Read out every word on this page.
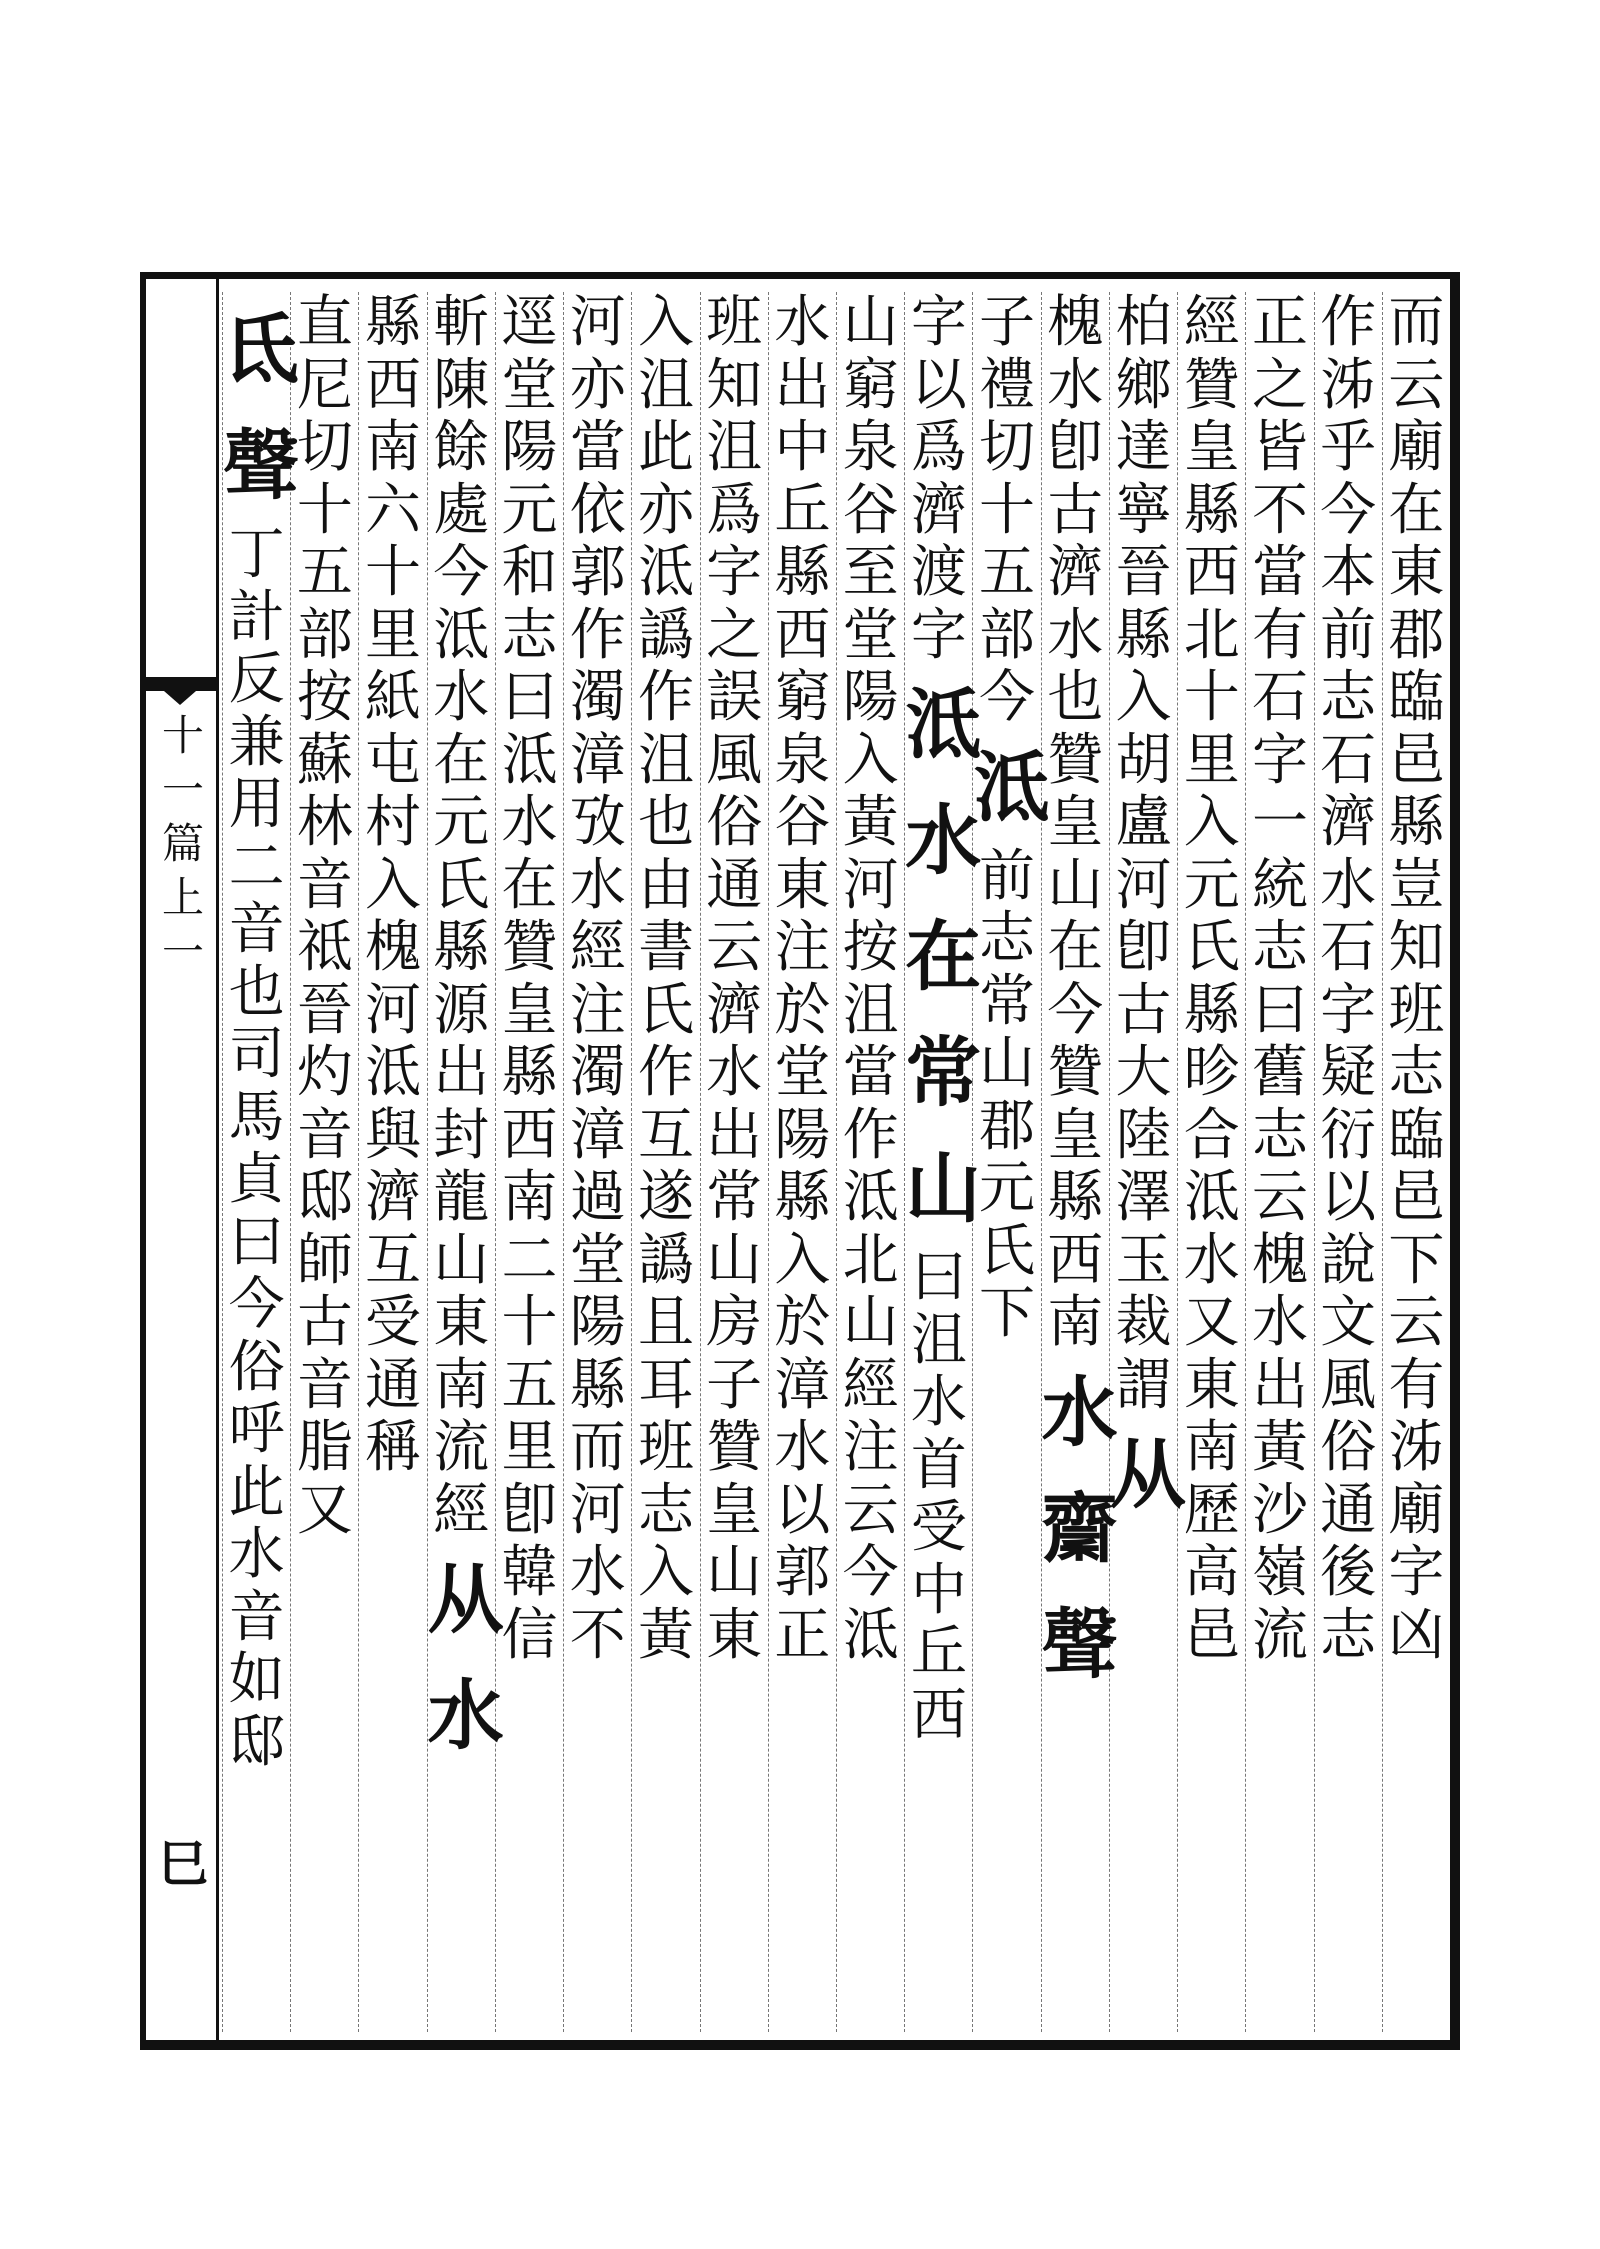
十
一
篇
上
一
巳
而
云
廟
在
東
郡
臨
邑
縣
豈
知
班
志
臨
邑
下
云
有
泲
廟
字
凶
作
泲
乎
今
本
前
志
石
濟
水
石
字
疑
衍
以
說
文
風
俗
通
後
志
正
之
皆
不
當
有
石
字
一
統
志
曰
舊
志
云
槐
水
出
黃
沙
嶺
流
經
贊
皇
縣
西
北
十
里
入
元
氏
縣
昣
合
泜
水
又
東
南
歷
高
邑
柏
鄉
達
寧
晉
縣
入
胡
盧
河
卽
古
大
陸
澤
玉
裁
謂
从
槐
水
卽
古
濟
水
也
贊
皇
山
在
今
贊
皇
縣
西
南
水
𪗉
聲
子
禮
切
十
五
部
今
泜
前
志
常
山
郡
元
氏
下
字
以
爲
濟
渡
字
泜
水
在
常
山
曰
沮
水
首
受
中
丘
西
山
窮
泉
谷
至
堂
陽
入
黃
河
按
沮
當
作
泜
北
山
經
注
云
今
泜
水
出
中
丘
縣
西
窮
泉
谷
東
注
於
堂
陽
縣
入
於
漳
水
以
郭
正
班
知
沮
爲
字
之
誤
風
俗
通
云
濟
水
出
常
山
房
子
贊
皇
山
東
入
沮
此
亦
泜
譌
作
沮
也
由
書
氏
作
互
遂
譌
且
耳
班
志
入
黃
河
亦
當
依
郭
作
濁
漳
攷
水
經
注
濁
漳
過
堂
陽
縣
而
河
水
不
逕
堂
陽
元
和
志
曰
泜
水
在
贊
皇
縣
西
南
二
十
五
里
卽
韓
信
斬
陳
餘
處
今
泜
水
在
元
氏
縣
源
出
封
龍
山
東
南
流
經
从
水
縣
西
南
六
十
里
紙
屯
村
入
槐
河
泜
與
濟
互
受
通
稱
直
尼
切
十
五
部
按
蘇
林
音
祗
晉
灼
音
邸
師
古
音
脂
又
氐
聲
丁
計
反
兼
用
二
音
也
司
馬
貞
曰
今
俗
呼
此
水
音
如
邸
